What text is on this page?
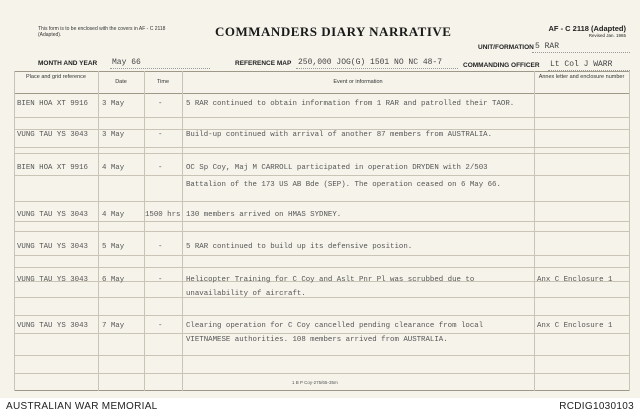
This form is to be enclosed with the covers in AF - C 2118 (Adapted).	COMMANDERS DIARY NARRATIVE	AF - C 2118 (Adapted)
Revised Jan. 1965
UNIT/FORMATION 5 RAR
MONTH AND YEAR May 66	REFERENCE MAP 250,000 JOG(G) 1501 NO NC 48-7	COMMANDING OFFICER Lt Col J WARR
Place and grid reference
Date	Time	Event or information
Annex letter and enclosure number
BIEN HOA XT 9916 3 May	-	5 RAR continued to obtain information from 1 RAR and patrolled their TAOR.
VUNG TAU YS 3043 3 May	-	Build-up continued with arrival of another 87 members from AUSTRALIA.
BIEN HOA XT 9916 4 May	-	OC Sp Coy, Maj M CARROLL participated in operation DRYDEN with 2/503
Battalion of the 173 US AB Bde (SEP). The operation ceased on 6 May 66.
VUNG TAU YS 3043 4 May	1500 hrs 130 members arrived on HMAS SYDNEY.
VUNG TAU YS 3043 5 May	-	5 RAR continued to build up its defensive position.
VUNG TAU YS 3043 6 May	-	Helicopter Training for C Coy and Aslt Pnr Pl was scrubbed due to
unavailability of aircraft.
Anx C Enclosure 1
VUNG TAU YS 3043 7 May	-	Clearing operation for C Coy cancelled pending clearance from local
VIETNAMESE authorities. 108 members arrived from AUSTRALIA.
Anx C Enclosure 1
1 B P Coy-275/65-35m
AUSTRALIAN WAR MEMORIAL	RCDIG1030103
